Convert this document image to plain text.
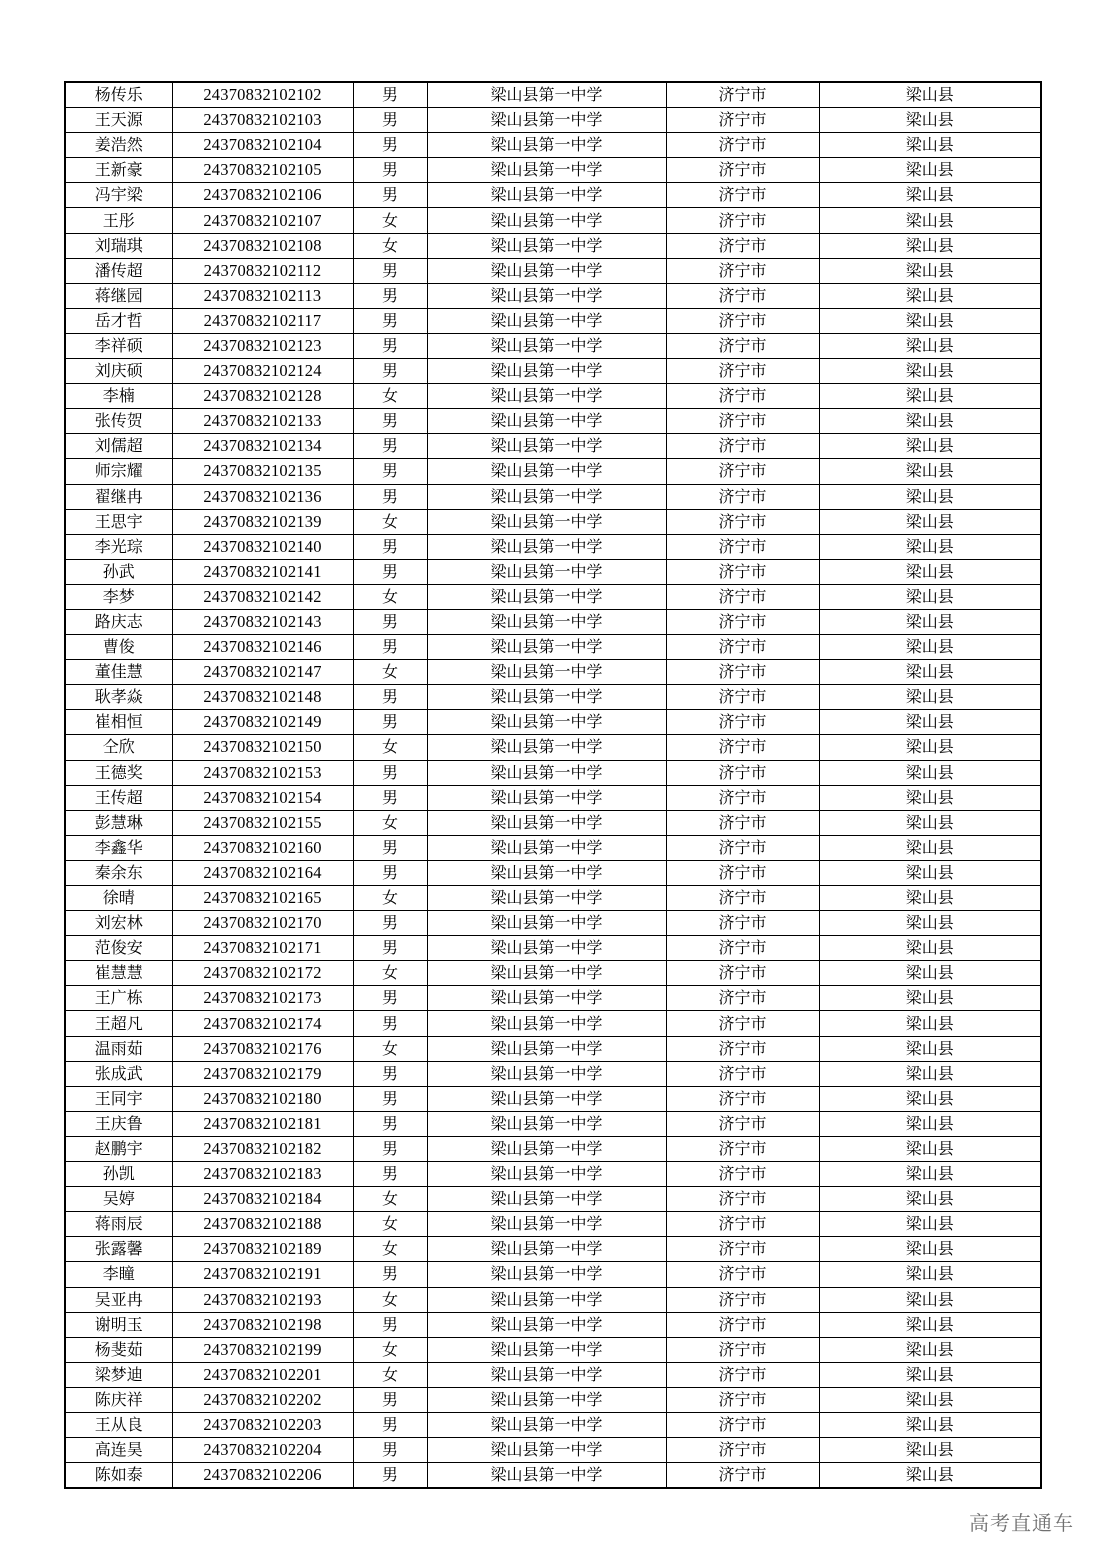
杨传乐	24370832102102	男	梁山县第一中学	济宁市	梁山县
王天源	24370832102103	男	梁山县第一中学	济宁市	梁山县
姜浩然	24370832102104	男	梁山县第一中学	济宁市	梁山县
王新豪	24370832102105	男	梁山县第一中学	济宁市	梁山县
冯宇梁	24370832102106	男	梁山县第一中学	济宁市	梁山县
王彤	24370832102107	女	梁山县第一中学	济宁市	梁山县
刘瑞琪	24370832102108	女	梁山县第一中学	济宁市	梁山县
潘传超	24370832102112	男	梁山县第一中学	济宁市	梁山县
蒋继园	24370832102113	男	梁山县第一中学	济宁市	梁山县
岳才哲	24370832102117	男	梁山县第一中学	济宁市	梁山县
李祥硕	24370832102123	男	梁山县第一中学	济宁市	梁山县
刘庆硕	24370832102124	男	梁山县第一中学	济宁市	梁山县
李楠	24370832102128	女	梁山县第一中学	济宁市	梁山县
张传贺	24370832102133	男	梁山县第一中学	济宁市	梁山县
刘儒超	24370832102134	男	梁山县第一中学	济宁市	梁山县
师宗耀	24370832102135	男	梁山县第一中学	济宁市	梁山县
翟继冉	24370832102136	男	梁山县第一中学	济宁市	梁山县
王思宇	24370832102139	女	梁山县第一中学	济宁市	梁山县
李光琮	24370832102140	男	梁山县第一中学	济宁市	梁山县
孙武	24370832102141	男	梁山县第一中学	济宁市	梁山县
李梦	24370832102142	女	梁山县第一中学	济宁市	梁山县
路庆志	24370832102143	男	梁山县第一中学	济宁市	梁山县
曹俊	24370832102146	男	梁山县第一中学	济宁市	梁山县
董佳慧	24370832102147	女	梁山县第一中学	济宁市	梁山县
耿孝焱	24370832102148	男	梁山县第一中学	济宁市	梁山县
崔相恒	24370832102149	男	梁山县第一中学	济宁市	梁山县
仝欣	24370832102150	女	梁山县第一中学	济宁市	梁山县
王德奖	24370832102153	男	梁山县第一中学	济宁市	梁山县
王传超	24370832102154	男	梁山县第一中学	济宁市	梁山县
彭慧琳	24370832102155	女	梁山县第一中学	济宁市	梁山县
李鑫华	24370832102160	男	梁山县第一中学	济宁市	梁山县
秦余东	24370832102164	男	梁山县第一中学	济宁市	梁山县
徐晴	24370832102165	女	梁山县第一中学	济宁市	梁山县
刘宏林	24370832102170	男	梁山县第一中学	济宁市	梁山县
范俊安	24370832102171	男	梁山县第一中学	济宁市	梁山县
崔慧慧	24370832102172	女	梁山县第一中学	济宁市	梁山县
王广栋	24370832102173	男	梁山县第一中学	济宁市	梁山县
王超凡	24370832102174	男	梁山县第一中学	济宁市	梁山县
温雨茹	24370832102176	女	梁山县第一中学	济宁市	梁山县
张成武	24370832102179	男	梁山县第一中学	济宁市	梁山县
王同宇	24370832102180	男	梁山县第一中学	济宁市	梁山县
王庆鲁	24370832102181	男	梁山县第一中学	济宁市	梁山县
赵鹏宇	24370832102182	男	梁山县第一中学	济宁市	梁山县
孙凯	24370832102183	男	梁山县第一中学	济宁市	梁山县
吴婷	24370832102184	女	梁山县第一中学	济宁市	梁山县
蒋雨辰	24370832102188	女	梁山县第一中学	济宁市	梁山县
张露馨	24370832102189	女	梁山县第一中学	济宁市	梁山县
李瞳	24370832102191	男	梁山县第一中学	济宁市	梁山县
吴亚冉	24370832102193	女	梁山县第一中学	济宁市	梁山县
谢明玉	24370832102198	男	梁山县第一中学	济宁市	梁山县
杨斐茹	24370832102199	女	梁山县第一中学	济宁市	梁山县
梁梦迪	24370832102201	女	梁山县第一中学	济宁市	梁山县
陈庆祥	24370832102202	男	梁山县第一中学	济宁市	梁山县
王从良	24370832102203	男	梁山县第一中学	济宁市	梁山县
高连昊	24370832102204	男	梁山县第一中学	济宁市	梁山县
陈如泰	24370832102206	男	梁山县第一中学	济宁市	梁山县
高考直通车
